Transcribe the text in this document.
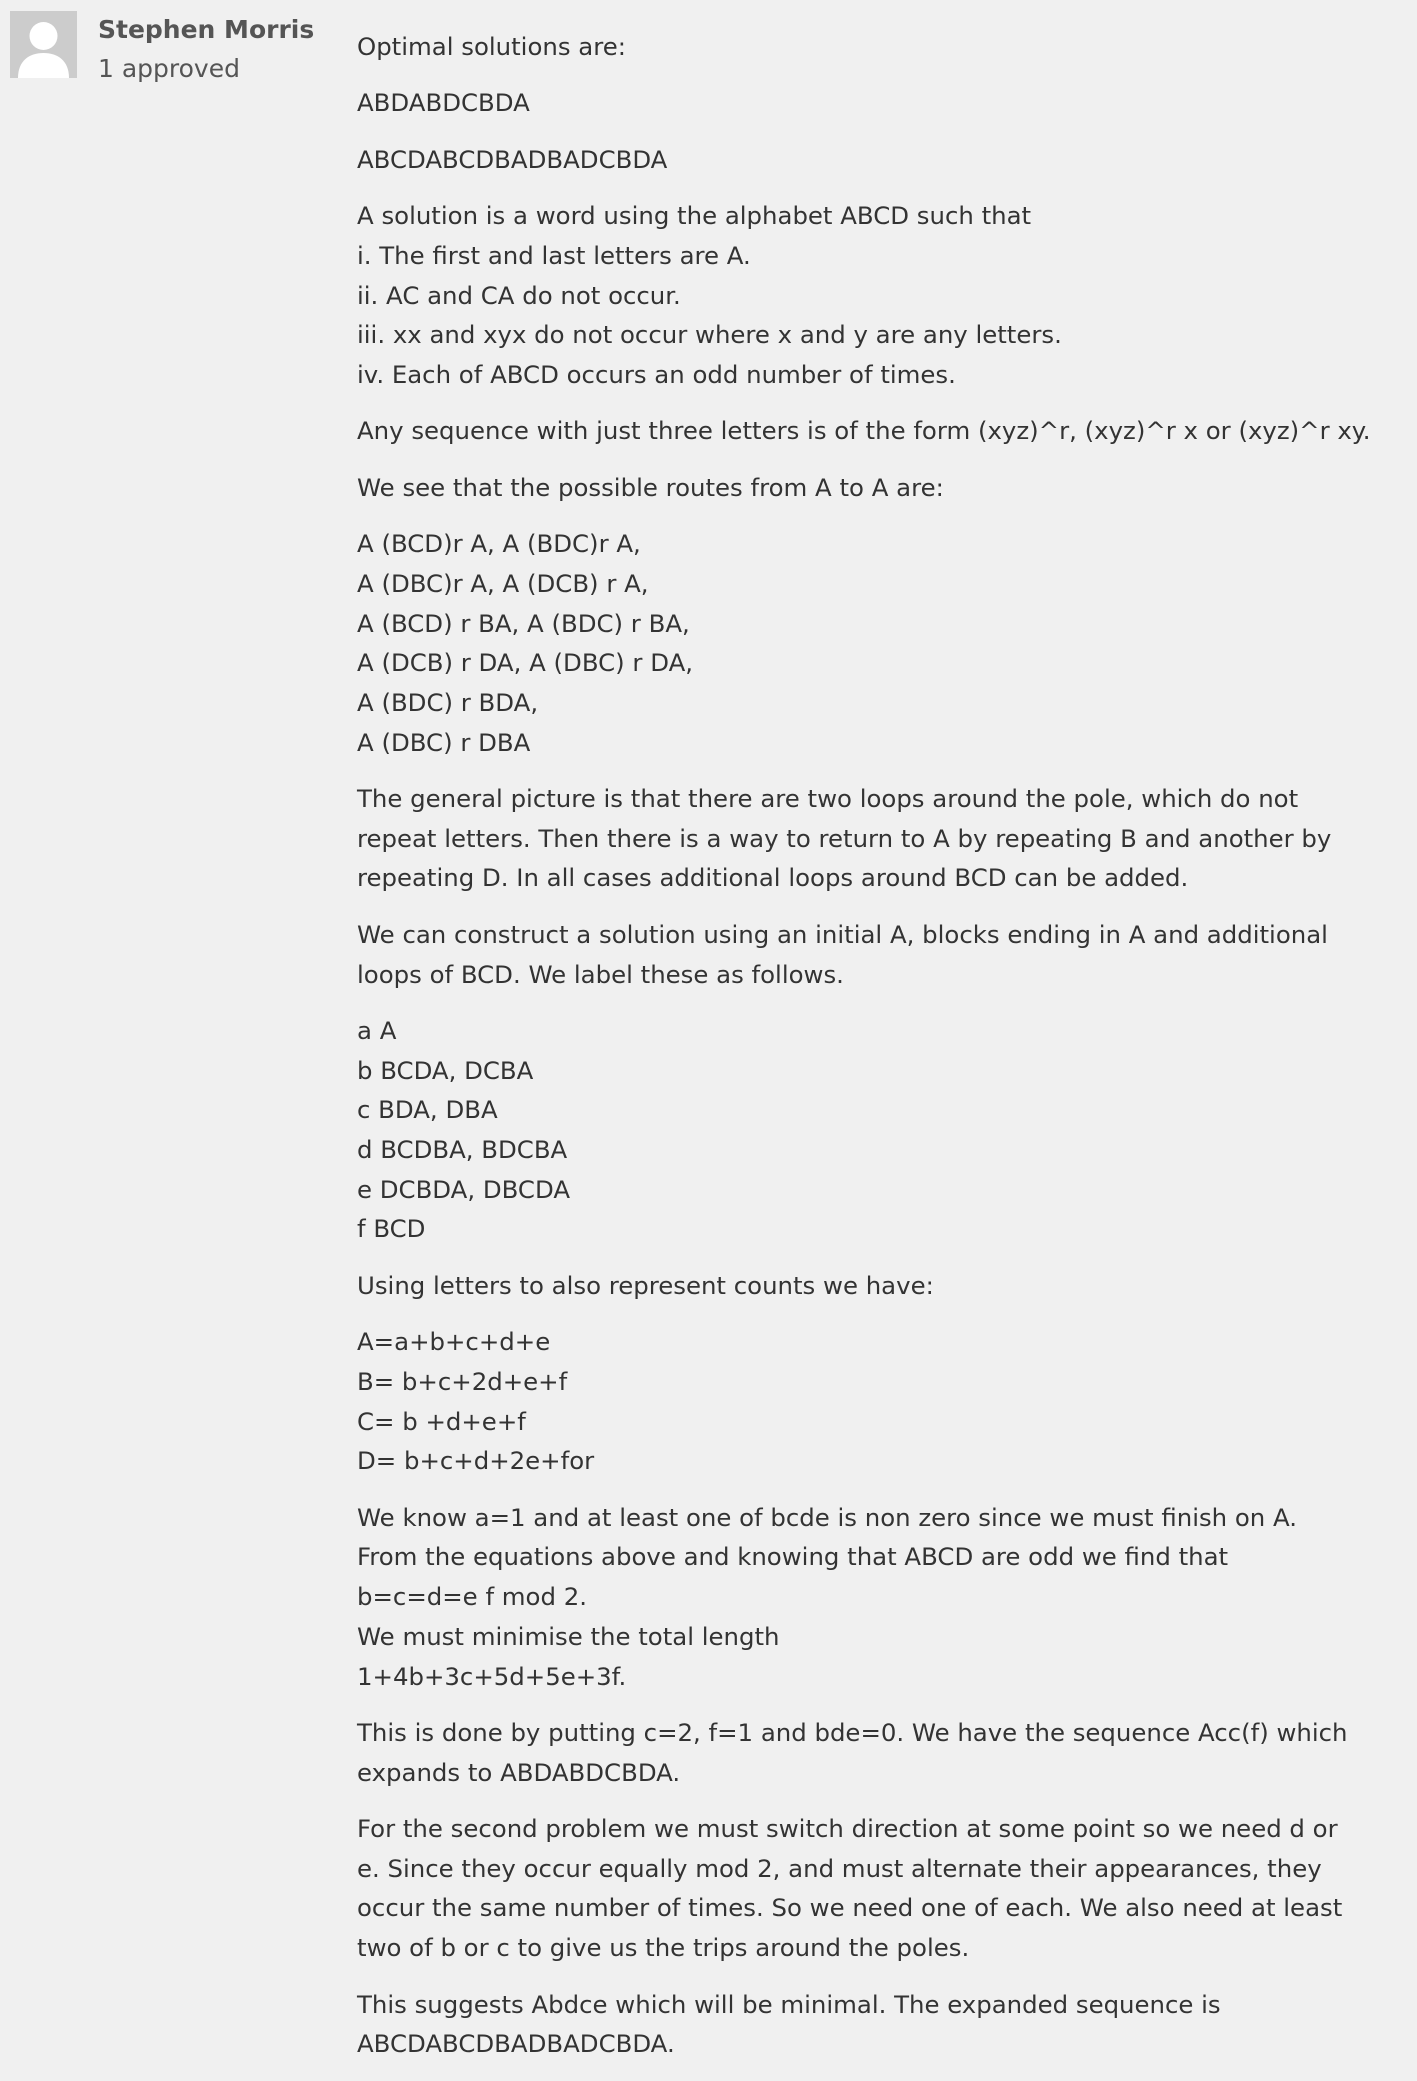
Stephen Morris
1 approved

Optimal solutions are:

ABDABDCBDA

ABCDABCDBADBADCBDA

A solution is a word using the alphabet ABCD such that
i. The first and last letters are A.
ii. AC and CA do not occur.
iii. xx and xyx do not occur where x and y are any letters.
iv. Each of ABCD occurs an odd number of times.

Any sequence with just three letters is of the form (xyz)^r, (xyz)^r x or (xyz)^r xy.

We see that the possible routes from A to A are:

A (BCD)r A, A (BDC)r A,
A (DBC)r A, A (DCB) r A,
A (BCD) r BA, A (BDC) r BA,
A (DCB) r DA, A (DBC) r DA,
A (BDC) r BDA,
A (DBC) r DBA

The general picture is that there are two loops around the pole, which do not
repeat letters. Then there is a way to return to A by repeating B and another by
repeating D. In all cases additional loops around BCD can be added.

We can construct a solution using an initial A, blocks ending in A and additional
loops of BCD. We label these as follows.

a A
b BCDA, DCBA
c BDA, DBA
d BCDBA, BDCBA
e DCBDA, DBCDA
f BCD

Using letters to also represent counts we have:

A=a+b+c+d+e
B= b+c+2d+e+f
C= b +d+e+f
D= b+c+d+2e+for

We know a=1 and at least one of bcde is non zero since we must finish on A.
From the equations above and knowing that ABCD are odd we find that
b=c=d=e f mod 2.
We must minimise the total length
1+4b+3c+5d+5e+3f.

This is done by putting c=2, f=1 and bde=0. We have the sequence Acc(f) which
expands to ABDABDCBDA.

For the second problem we must switch direction at some point so we need d or
e. Since they occur equally mod 2, and must alternate their appearances, they
occur the same number of times. So we need one of each. We also need at least
two of b or c to give us the trips around the poles.

This suggests Abdce which will be minimal. The expanded sequence is
ABCDABCDBADBADCBDA.
